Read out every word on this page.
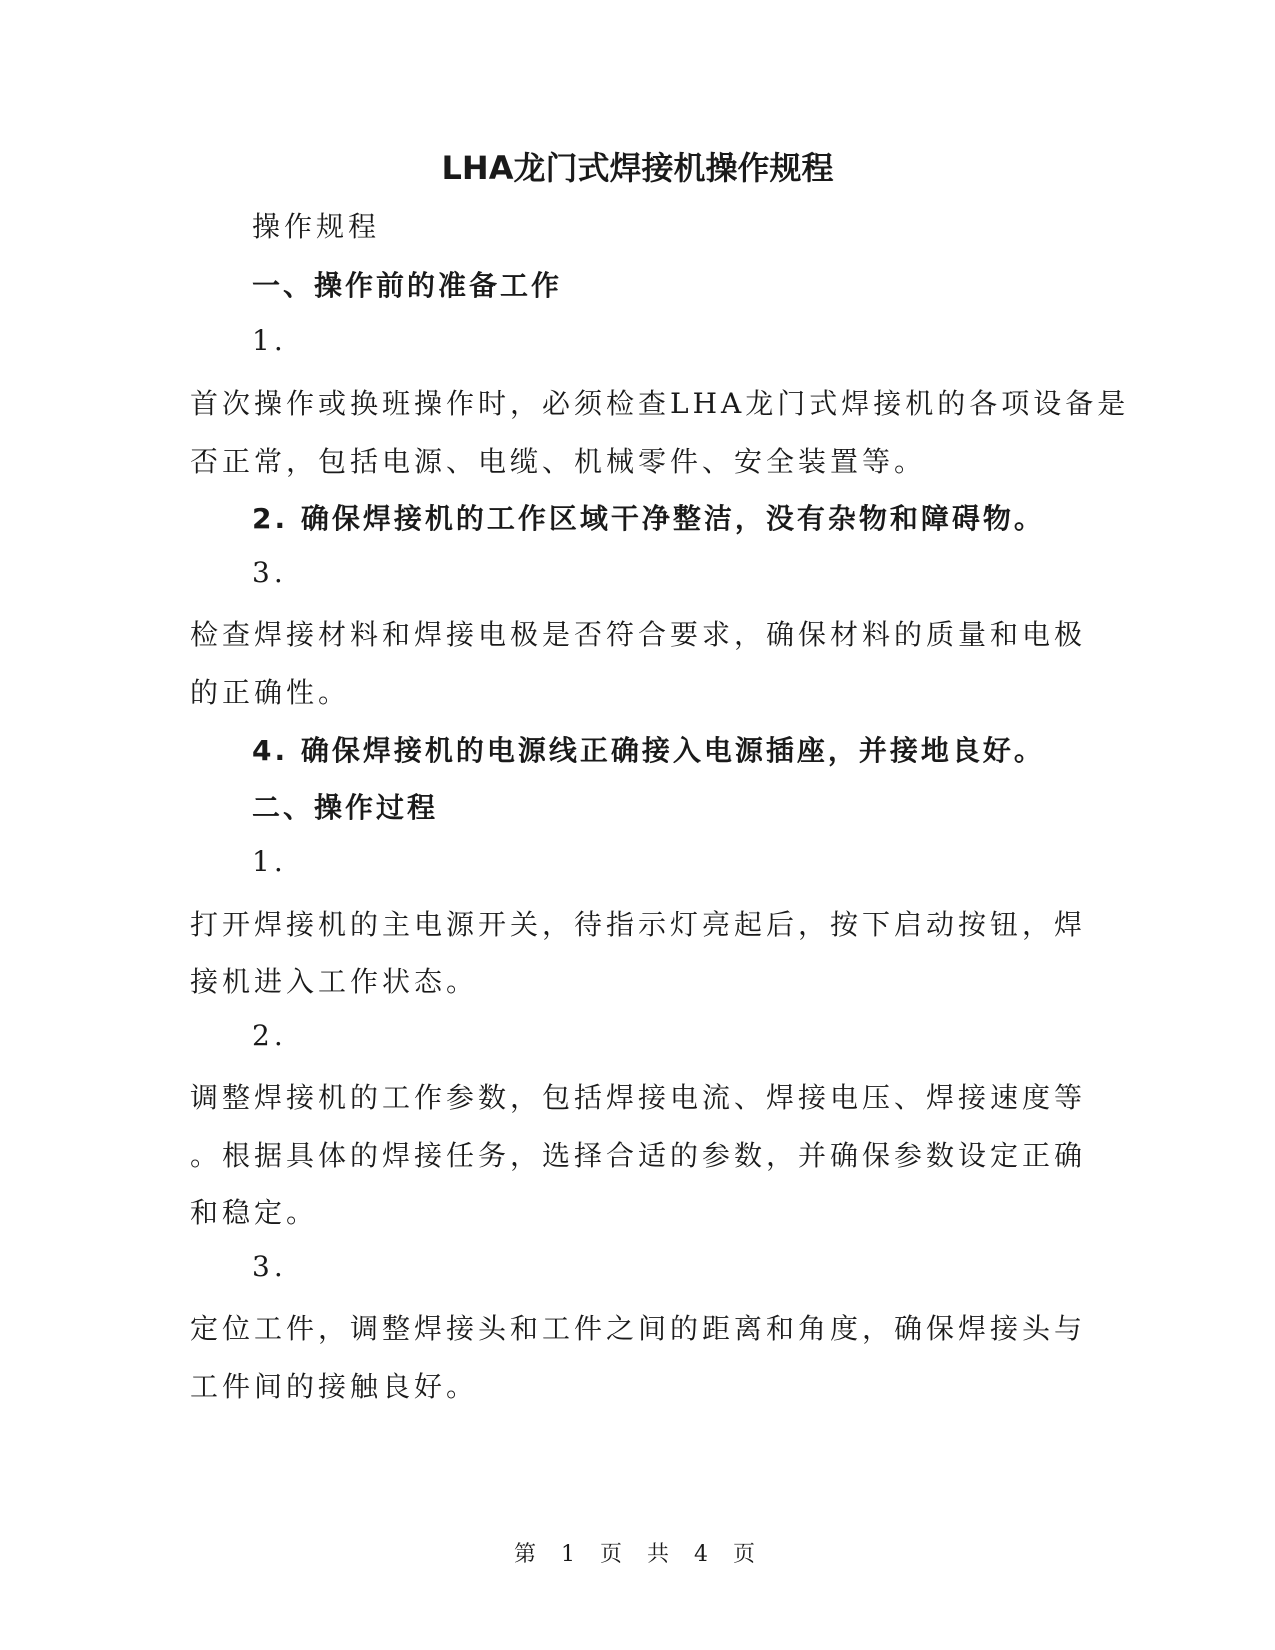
LHA龙门式焊接机操作规程
操作规程
一、操作前的准备工作
1.
首次操作或换班操作时，必须检查LHA龙门式焊接机的各项设备是
否正常，包括电源、电缆、机械零件、安全装置等。
2. 确保焊接机的工作区域干净整洁，没有杂物和障碍物。
3.
检查焊接材料和焊接电极是否符合要求，确保材料的质量和电极
的正确性。
4. 确保焊接机的电源线正确接入电源插座，并接地良好。
二、操作过程
1.
打开焊接机的主电源开关，待指示灯亮起后，按下启动按钮，焊
接机进入工作状态。
2.
调整焊接机的工作参数，包括焊接电流、焊接电压、焊接速度等
。根据具体的焊接任务，选择合适的参数，并确保参数设定正确
和稳定。
3.
定位工件，调整焊接头和工件之间的距离和角度，确保焊接头与
工件间的接触良好。
第 1 页 共 4 页
